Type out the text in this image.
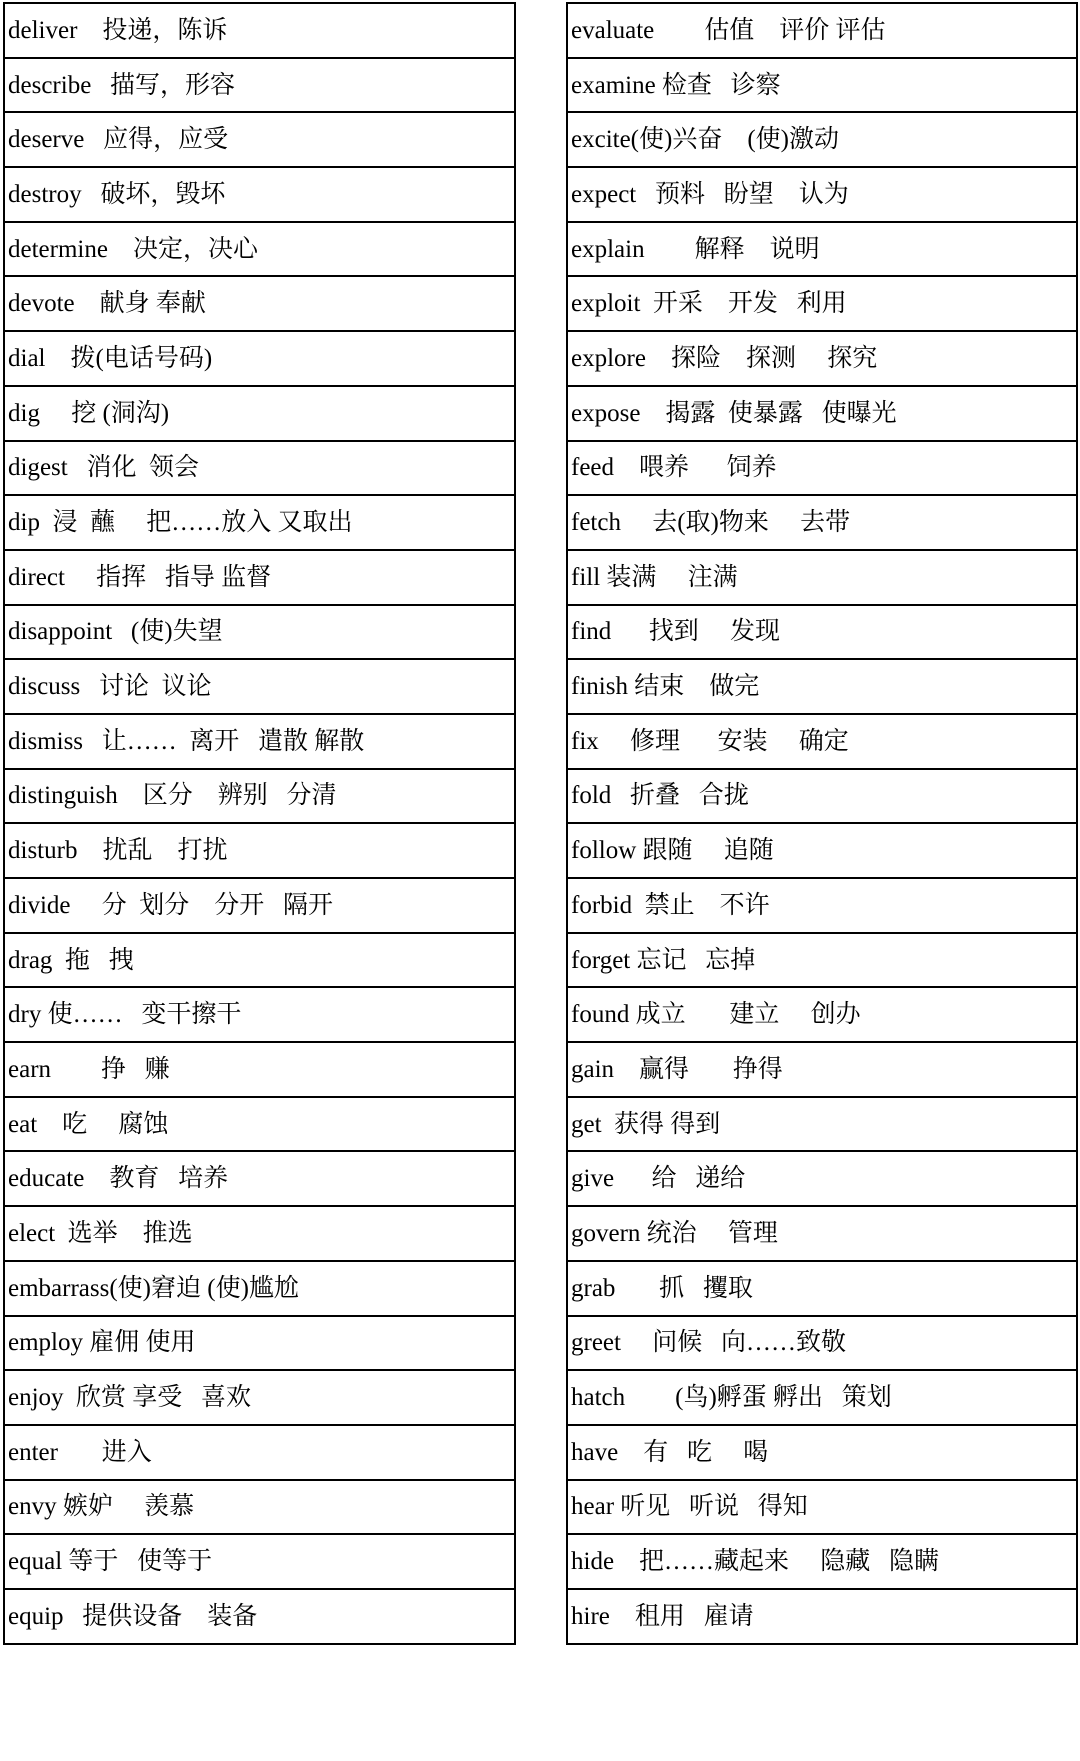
deliver    投递，陈诉
describe   描写，形容
deserve   应得，应受
destroy   破坏，毁坏
determine    决定，决心
devote    献身 奉献
dial    拨(电话号码)
dig     挖 (洞沟)
digest   消化  领会
dip  浸  蘸     把……放入 又取出
direct     指挥   指导 监督
disappoint   (使)失望
discuss   讨论  议论
dismiss   让……  离开   遣散 解散
distinguish    区分    辨别   分清
disturb    扰乱    打扰
divide     分  划分    分开   隔开
drag  拖   拽
dry 使……   变干擦干
earn        挣   赚
eat    吃     腐蚀
educate    教育   培养
elect  选举    推选
embarrass(使)窘迫 (使)尴尬
employ 雇佣 使用
enjoy  欣赏 享受   喜欢
enter       进入
envy 嫉妒     羡慕
equal 等于   使等于
equip   提供设备    装备
evaluate        估值    评价 评估
examine 检查   诊察
excite(使)兴奋    (使)激动
expect   预料   盼望    认为
explain        解释    说明
exploit  开采    开发   利用
explore    探险    探测     探究
expose    揭露  使暴露   使曝光
feed    喂养      饲养
fetch     去(取)物来     去带
fill 装满     注满
find      找到     发现
finish 结束    做完
fix     修理      安装     确定
fold   折叠   合拢
follow 跟随     追随
forbid  禁止    不许
forget 忘记   忘掉
found 成立       建立     创办
gain    赢得       挣得
get  获得 得到
give      给   递给
govern 统治     管理
grab       抓   攫取
greet     问候   向……致敬
hatch        (鸟)孵蛋 孵出   策划
have    有   吃     喝
hear 听见   听说   得知
hide    把……藏起来     隐藏   隐瞒
hire    租用   雇请
